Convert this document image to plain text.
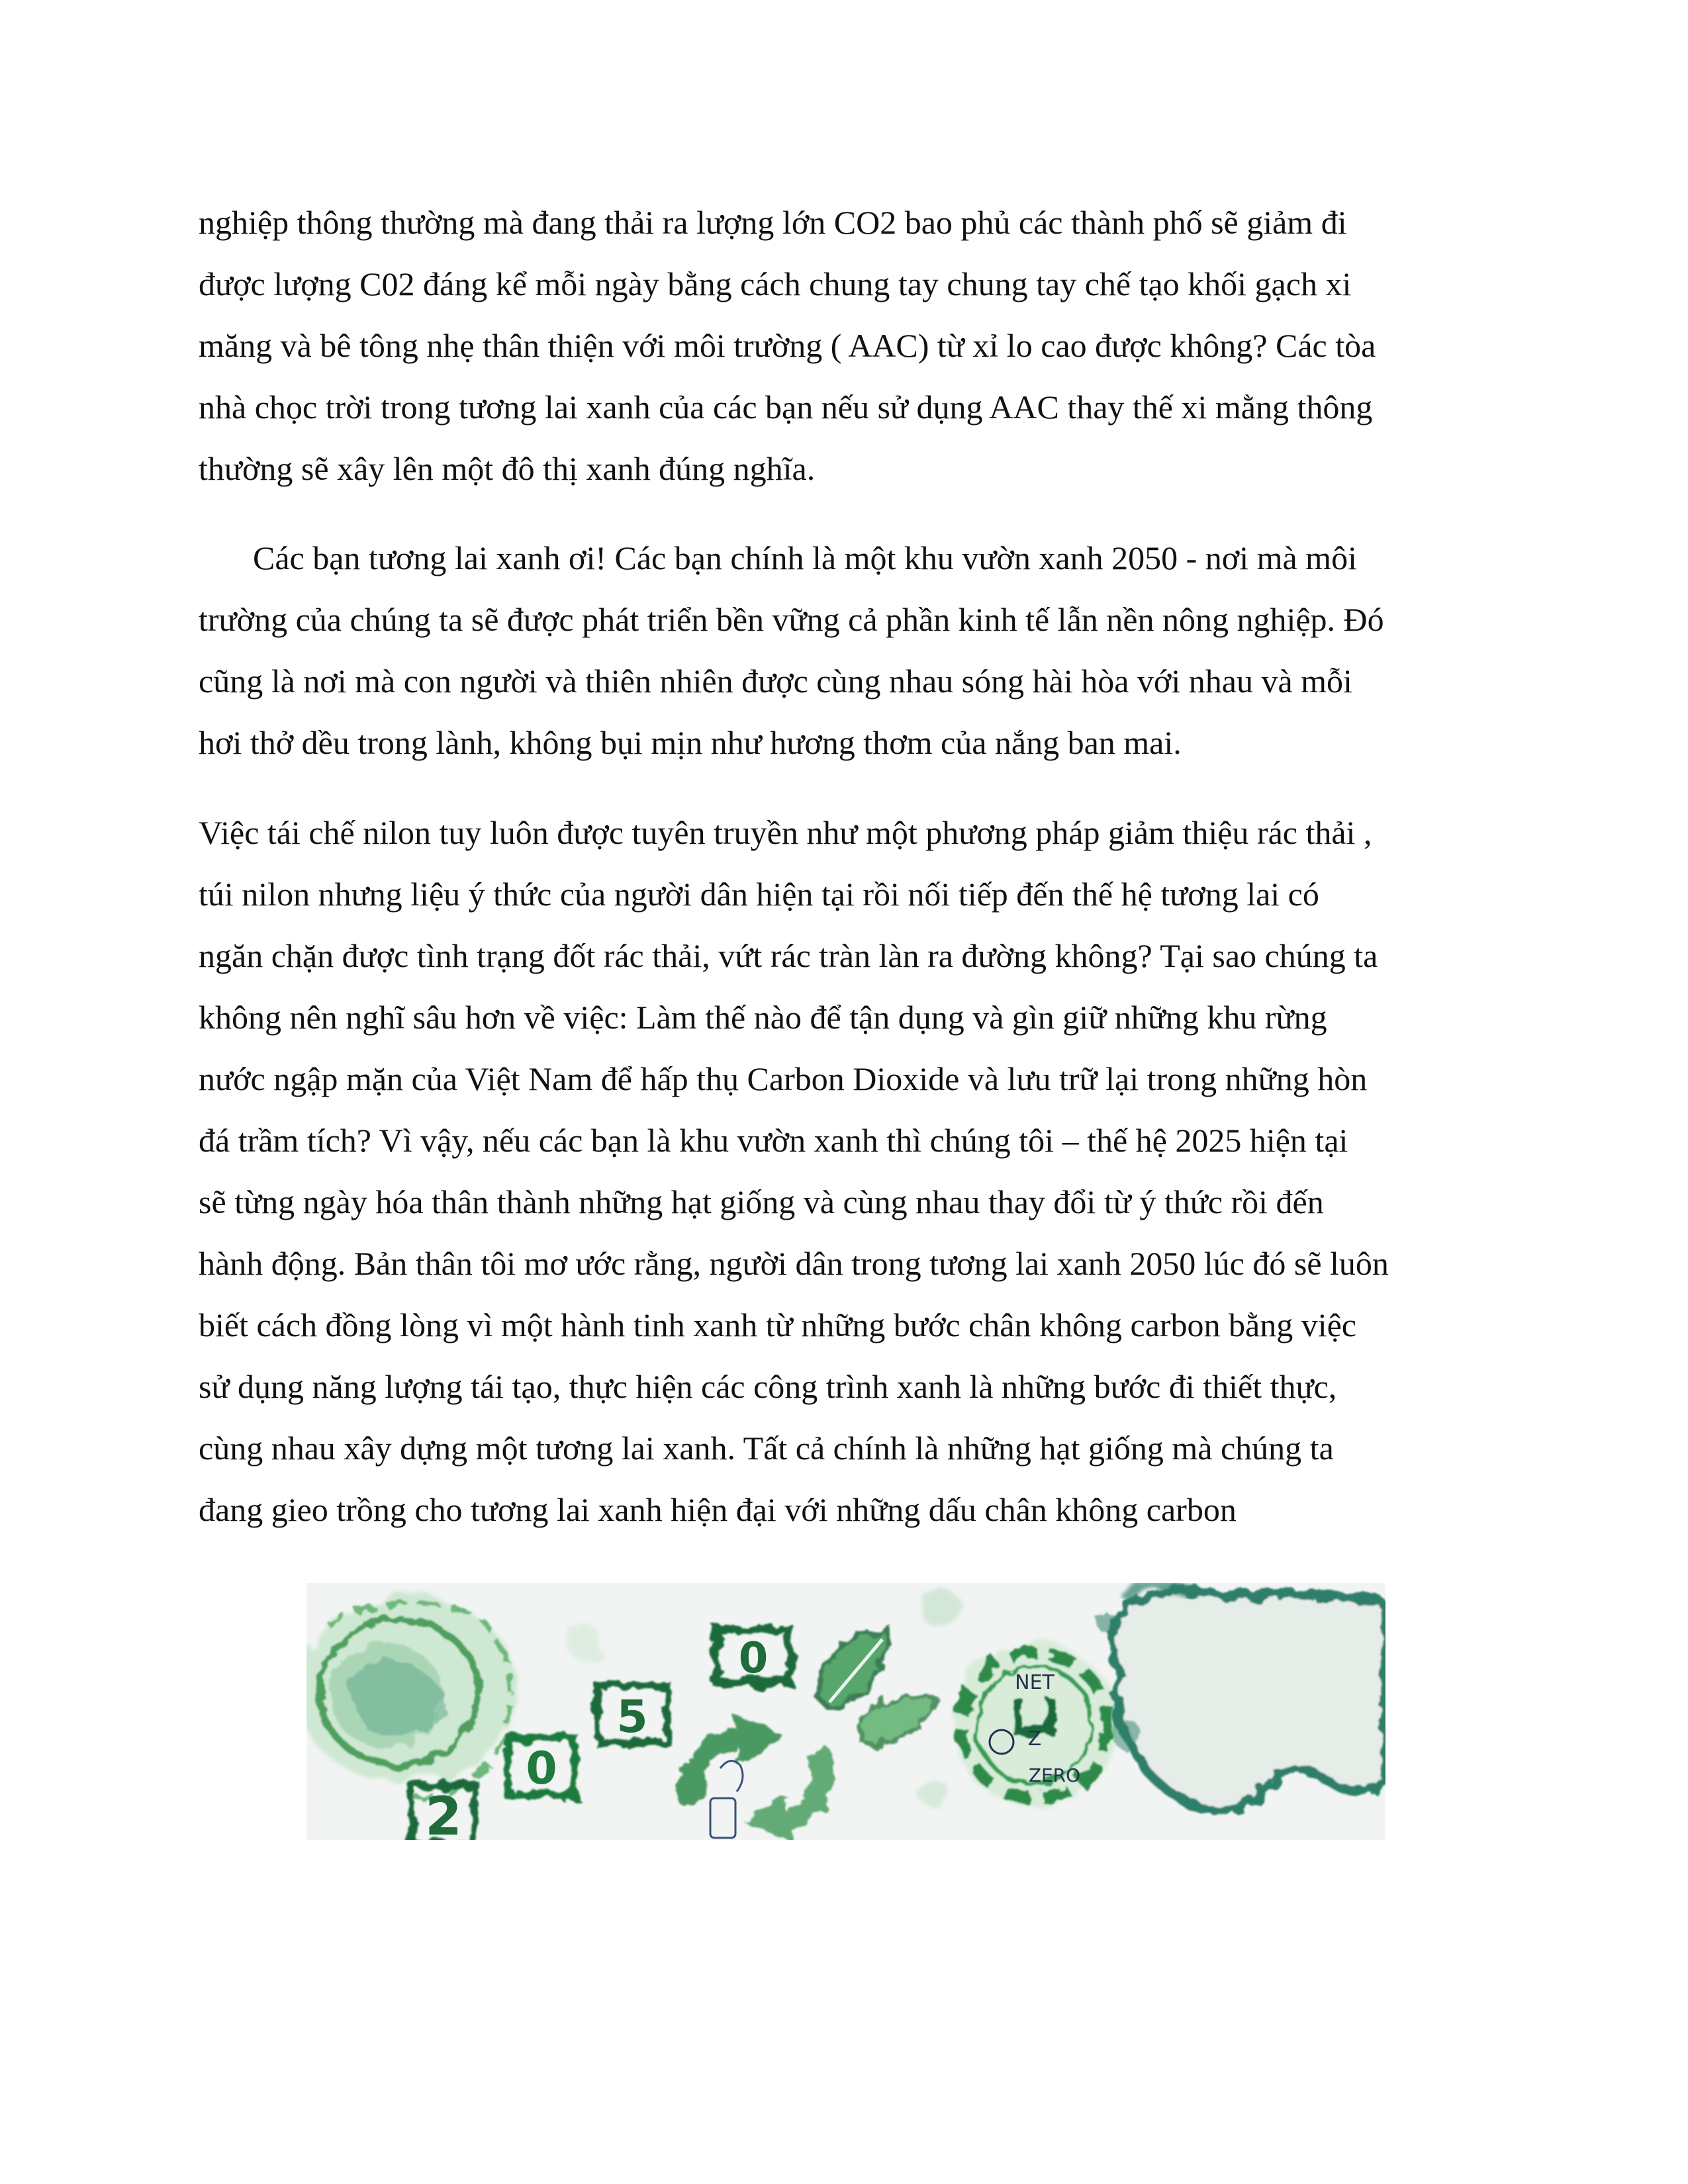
nghiệp thông thường mà đang thải ra lượng lớn CO2 bao phủ các thành phố sẽ giảm đi
được lượng C02 đáng kể mỗi ngày bằng cách chung tay chung tay chế tạo khối gạch xi
măng và bê tông nhẹ thân thiện với môi trường ( AAC) từ xỉ lo cao được không? Các tòa
nhà chọc trời trong tương lai xanh của các bạn nếu sử dụng AAC thay thế xi mằng thông
thường sẽ xây lên một đô thị xanh đúng nghĩa.

Các bạn tương lai xanh ơi! Các bạn chính là một khu vườn xanh 2050 - nơi mà môi
trường của chúng ta sẽ được phát triển bền vững cả phần kinh tế lẫn nền nông nghiệp. Đó
cũng là nơi mà con người và thiên nhiên được cùng nhau sóng hài hòa với nhau và mỗi
hơi thở dều trong lành, không bụi mịn như hương thơm của nắng ban mai.

Việc tái chế nilon tuy luôn được tuyên truyền như một phương pháp giảm thiệu rác thải ,
túi nilon nhưng liệu ý thức của người dân hiện tại rồi nối tiếp đến thế hệ tương lai có
ngăn chặn được tình trạng đốt rác thải, vứt rác tràn làn ra đường không? Tại sao chúng ta
không nên nghĩ sâu hơn về việc: Làm thế nào để tận dụng và gìn giữ những khu rừng
nước ngập mặn của Việt Nam để hấp thụ Carbon Dioxide và lưu trữ lại trong những hòn
đá trầm tích? Vì vậy, nếu các bạn là khu vườn xanh thì chúng tôi – thế hệ 2025 hiện tại
sẽ từng ngày hóa thân thành những hạt giống và cùng nhau thay đổi từ ý thức rồi đến
hành động. Bản thân tôi mơ ước rằng, người dân trong tương lai xanh 2050 lúc đó sẽ luôn
biết cách đồng lòng vì một hành tinh xanh từ những bước chân không carbon bằng việc
sử dụng năng lượng tái tạo, thực hiện các công trình xanh là những bước đi thiết thực,
cùng nhau xây dựng một tương lai xanh. Tất cả chính là những hạt giống mà chúng ta
đang gieo trồng cho tương lai xanh hiện đại với những dấu chân không carbon

2
0
5
0	NET
Z
ZERO
